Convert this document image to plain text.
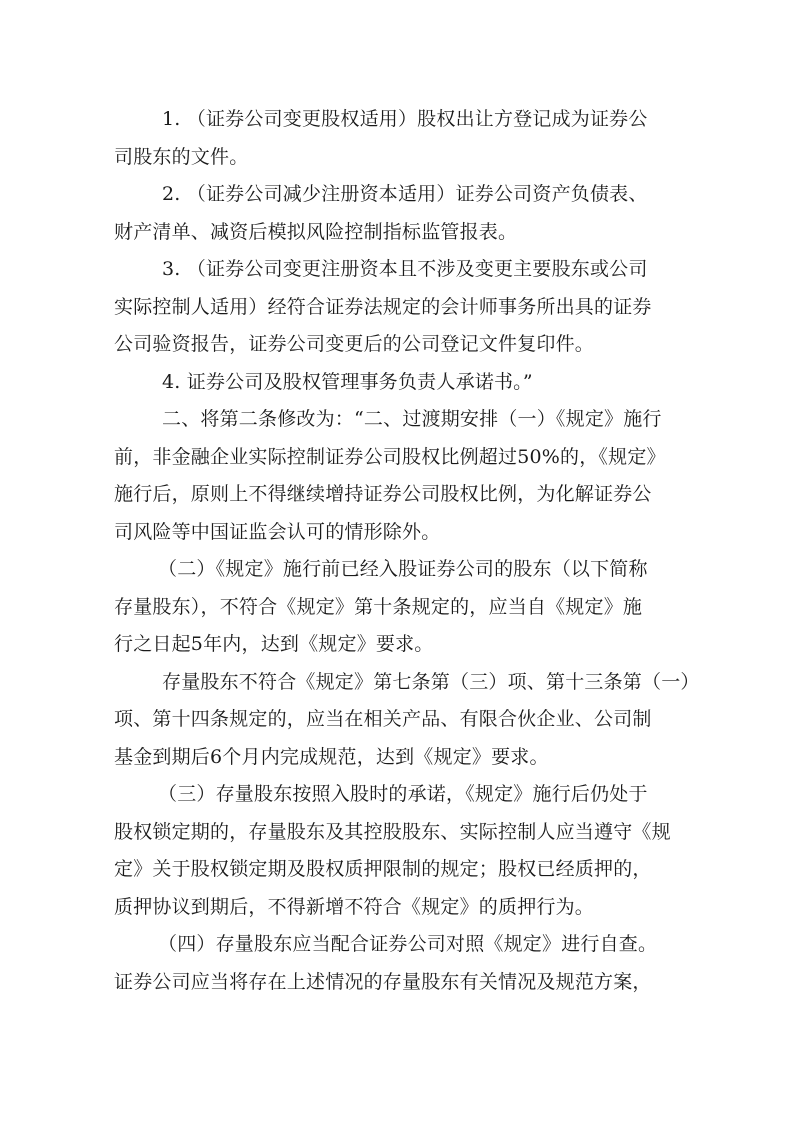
1. （证券公司变更股权适用）股权出让方登记成为证券公
司股东的文件。
2. （证券公司减少注册资本适用）证券公司资产负债表、
财产清单、减资后模拟风险控制指标监管报表。
3. （证券公司变更注册资本且不涉及变更主要股东或公司
实际控制人适用）经符合证券法规定的会计师事务所出具的证券
公司验资报告，证券公司变更后的公司登记文件复印件。
4. 证券公司及股权管理事务负责人承诺书。”
二、将第二条修改为：“二、过渡期安排（一）《规定》施行
前，非金融企业实际控制证券公司股权比例超过50%的，《规定》
施行后，原则上不得继续增持证券公司股权比例，为化解证券公
司风险等中国证监会认可的情形除外。
（二）《规定》施行前已经入股证券公司的股东（以下简称
存量股东），不符合《规定》第十条规定的，应当自《规定》施
行之日起5年内，达到《规定》要求。
存量股东不符合《规定》第七条第（三）项、第十三条第（一）
项、第十四条规定的，应当在相关产品、有限合伙企业、公司制
基金到期后6个月内完成规范，达到《规定》要求。
（三）存量股东按照入股时的承诺，《规定》施行后仍处于
股权锁定期的，存量股东及其控股股东、实际控制人应当遵守《规
定》关于股权锁定期及股权质押限制的规定；股权已经质押的，
质押协议到期后，不得新增不符合《规定》的质押行为。
（四）存量股东应当配合证券公司对照《规定》进行自查。
证券公司应当将存在上述情况的存量股东有关情况及规范方案，
